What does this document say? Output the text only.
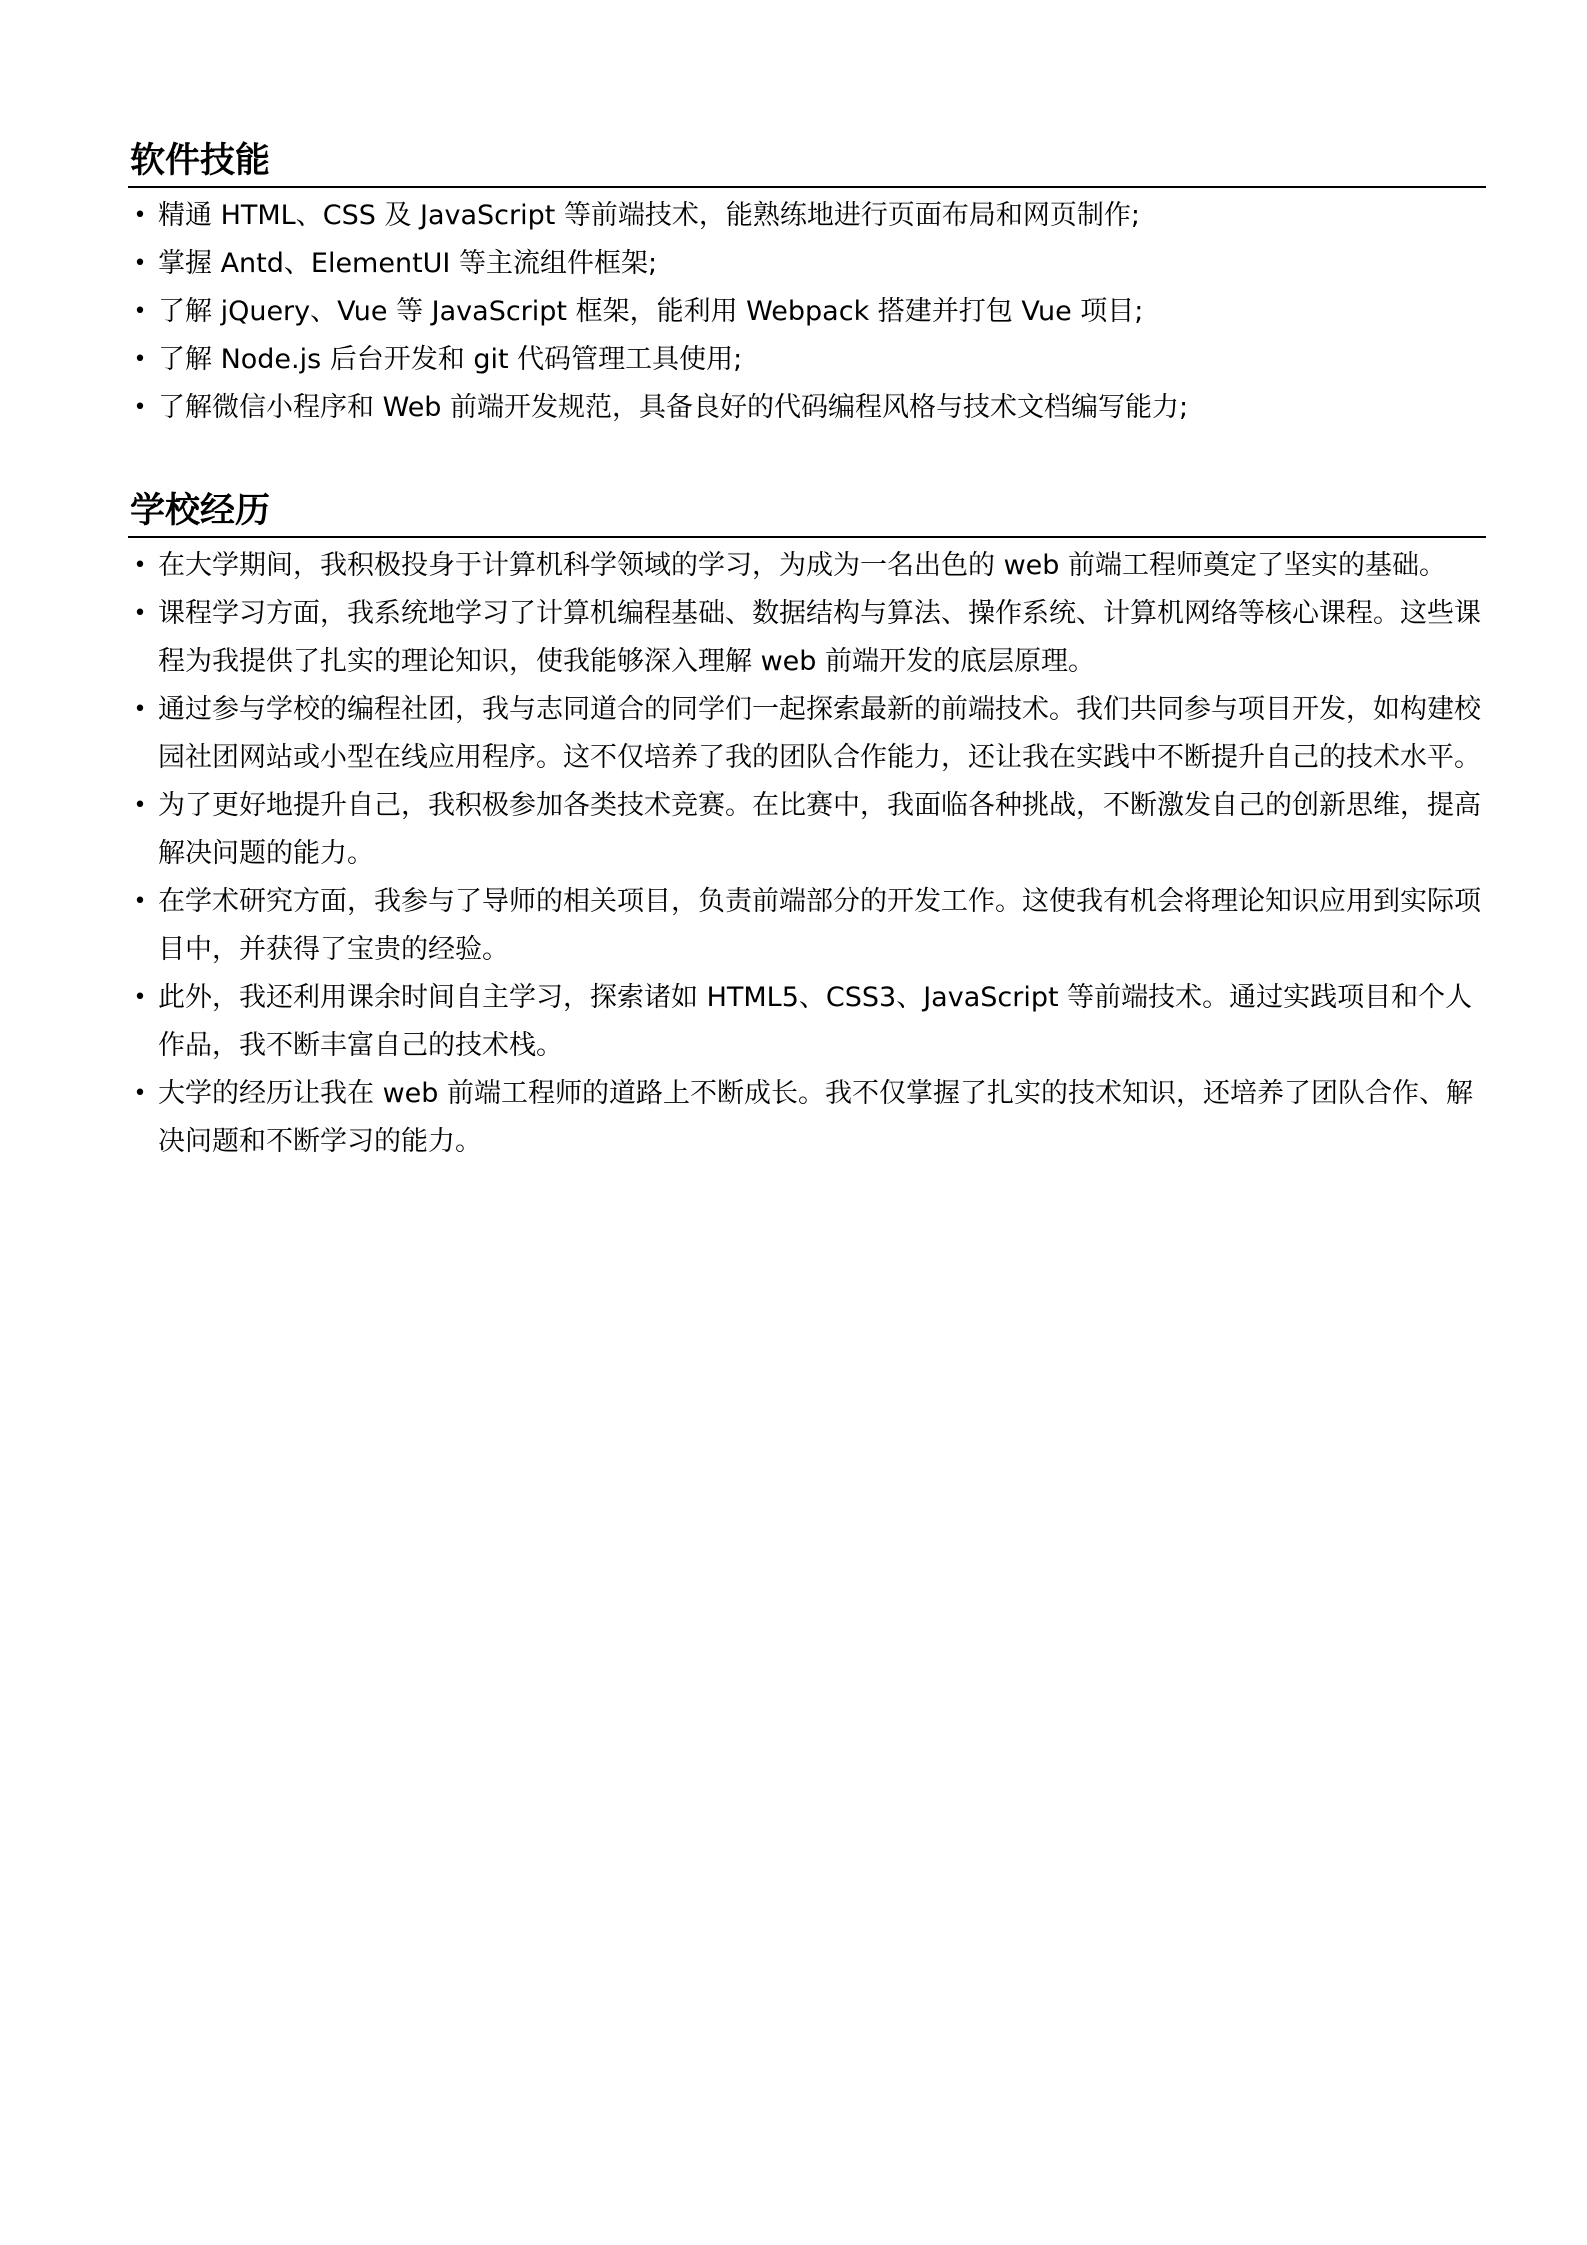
软件技能
• 精通 HTML、CSS 及 JavaScript 等前端技术，能熟练地进行页面布局和网页制作;
• 掌握 Antd、ElementUI 等主流组件框架;
• 了解 jQuery、Vue 等 JavaScript 框架，能利用 Webpack 搭建并打包 Vue 项目;
• 了解 Node.js 后台开发和 git 代码管理工具使用;
• 了解微信小程序和 Web 前端开发规范，具备良好的代码编程风格与技术文档编写能力;
学校经历
• 在大学期间，我积极投身于计算机科学领域的学习，为成为一名出色的 web 前端工程师奠定了坚实的基础。
• 课程学习方面，我系统地学习了计算机编程基础、数据结构与算法、操作系统、计算机网络等核心课程。这些课程为我提供了扎实的理论知识，使我能够深入理解 web 前端开发的底层原理。
• 通过参与学校的编程社团，我与志同道合的同学们一起探索最新的前端技术。我们共同参与项目开发，如构建校园社团网站或小型在线应用程序。这不仅培养了我的团队合作能力，还让我在实践中不断提升自己的技术水平。
• 为了更好地提升自己，我积极参加各类技术竞赛。在比赛中，我面临各种挑战，不断激发自己的创新思维，提高解决问题的能力。
• 在学术研究方面，我参与了导师的相关项目，负责前端部分的开发工作。这使我有机会将理论知识应用到实际项目中，并获得了宝贵的经验。
• 此外，我还利用课余时间自主学习，探索诸如 HTML5、CSS3、JavaScript 等前端技术。通过实践项目和个人作品，我不断丰富自己的技术栈。
• 大学的经历让我在 web 前端工程师的道路上不断成长。我不仅掌握了扎实的技术知识，还培养了团队合作、解决问题和不断学习的能力。
